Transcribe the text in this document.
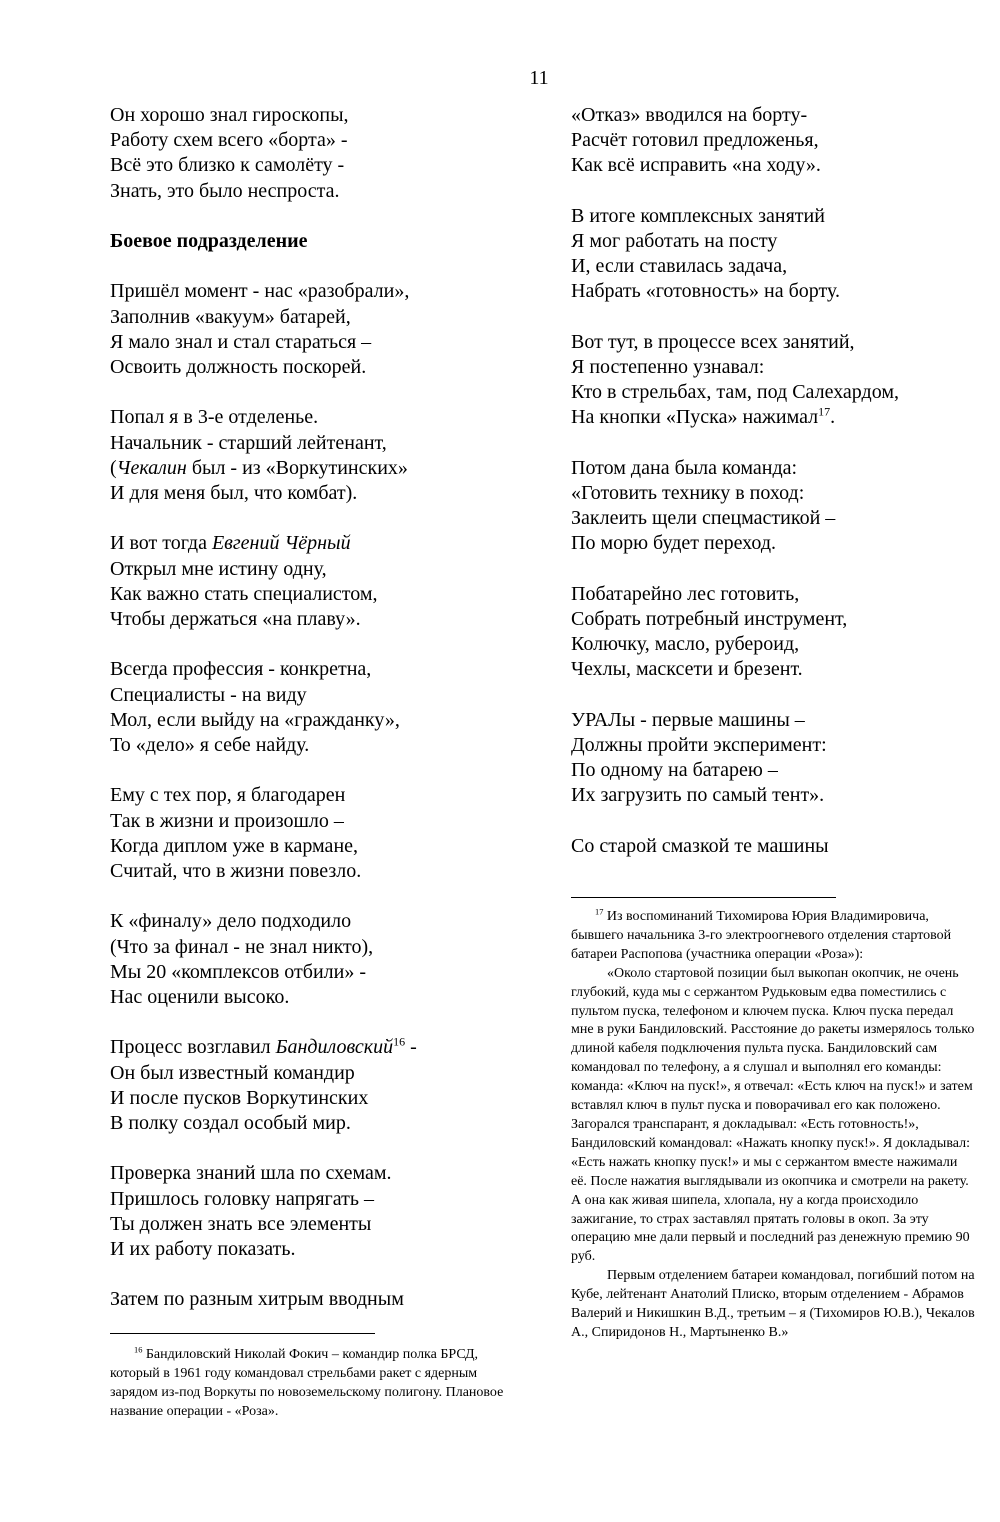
11
Он хорошо знал гироскопы,
Работу схем всего «борта» -
Всё это близко к самолёту -
Знать, это было неспроста.
Боевое подразделение
Пришёл момент - нас «разобрали»,
Заполнив «вакуум» батарей,
Я мало знал и стал стараться –
Освоить должность поскорей.
Попал я в 3-е отделенье.
Начальник - старший лейтенант,
(Чекалин был - из «Воркутинских»
И для меня был, что комбат).
И вот тогда Евгений Чёрный
Открыл мне истину одну,
Как важно стать специалистом,
Чтобы держаться «на плаву».
Всегда профессия - конкретна,
Специалисты - на виду
Мол, если выйду на «гражданку»,
То «дело» я себе найду.
Ему с тех пор, я благодарен
Так в жизни и произошло –
Когда диплом уже в кармане,
Считай, что в жизни повезло.
К «финалу» дело подходило
(Что за финал - не знал никто),
Мы 20 «комплексов отбили» -
Нас оценили высоко.
Процесс возглавил Бандиловский$^{16}$ -
Он был известный командир
И после пусков Воркутинских
В полку создал особый мир.
Проверка знаний шла по схемам.
Пришлось головку напрягать –
Ты должен знать все элементы
И их работу показать.
Затем по разным хитрым вводным
«Отказ» вводился на борту-
Расчёт готовил предложенья,
Как всё исправить «на ходу».
В итоге комплексных занятий
Я мог работать на посту
И, если ставилась задача,
Набрать «готовность» на борту.
Вот тут, в процессе всех занятий,
Я постепенно узнавал:
Кто в стрельбах, там, под Салехардом,
На кнопки «Пуска» нажимал$^{17}$.
Потом дана была команда:
«Готовить технику в поход:
Заклеить щели спецмастикой –
По морю будет переход.
Побатарейно лес готовить,
Собрать потребный инструмент,
Колючку, масло, рубероид,
Чехлы, масксети и брезент.
УРАЛы - первые машины –
Должны пройти эксперимент:
По одному на батарею –
Их загрузить по самый тент».
Со старой смазкой те машины

$^{16}$ Бандиловский Николай Фокич – командир полка БРСД, который в 1961 году командовал стрельбами ракет с ядерным зарядом из-под Воркуты по новоземельскому полигону. Плановое название операции - «Роза».

$^{17}$ Из воспоминаний Тихомирова Юрия Владимировича, бывшего начальника 3-го электроогневого отделения стартовой батареи Распопова (участника операции «Роза»):

«Около стартовой позиции был выкопан окопчик, не очень глубокий, куда мы с сержантом Рудьковым едва поместились с пультом пуска, телефоном и ключем пуска. Ключ пуска передал мне в руки Бандиловский. Расстояние до ракеты измерялось только длиной кабеля подключения пульта пуска. Бандиловский сам командовал по телефону, а я слушал и выполнял его команды: команда: «Ключ на пуск!», я отвечал: «Есть ключ на пуск!» и затем вставлял ключ в пульт пуска и поворачивал его как положено. Загорался транспарант, я докладывал: «Есть готовность!», Бандиловский командовал: «Нажать кнопку пуск!». Я докладывал: «Есть нажать кнопку пуск!» и мы с сержантом вместе нажимали её. После нажатия выглядывали из окопчика и смотрели на ракету. А она как живая шипела, хлопала, ну а когда происходило зажигание, то страх заставлял прятать головы в окоп. За эту операцию мне дали первый и последний раз денежную премию 90 руб.

Первым отделением батареи командовал, погибший потом на Кубе, лейтенант Анатолий Плиско, вторым отделением - Абрамов Валерий и Никишкин В.Д., третьим – я (Тихомиров Ю.В.), Чекалов А., Спиридонов Н., Мартыненко В.»
